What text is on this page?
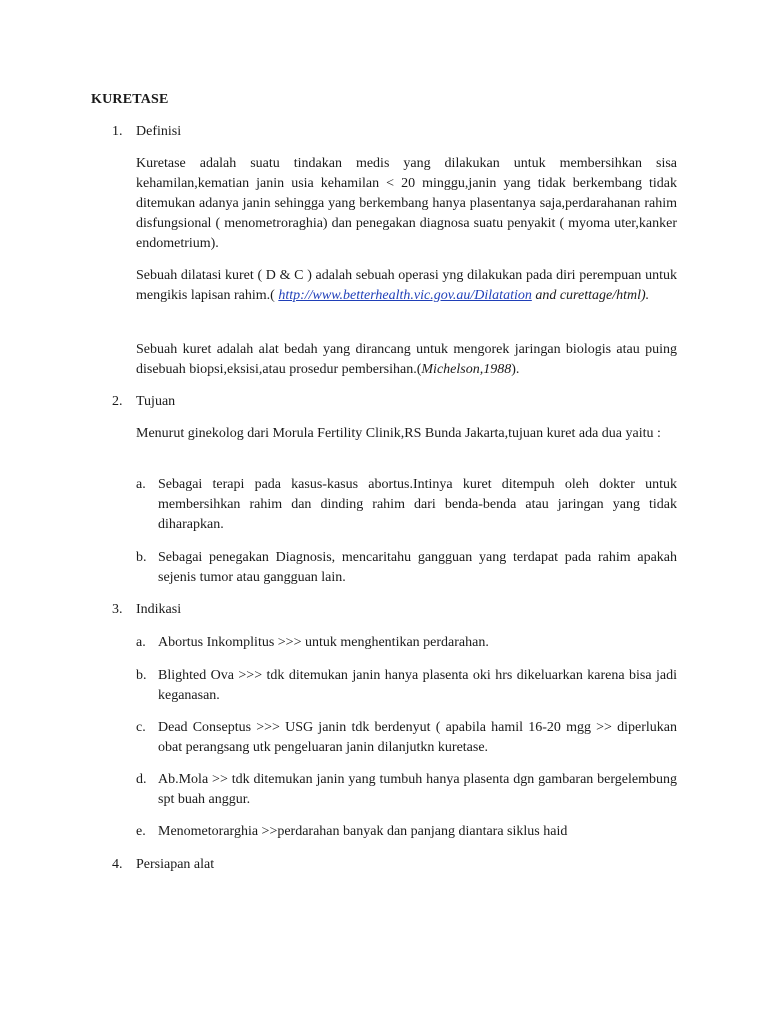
KURETASE
1. Definisi
Kuretase adalah suatu tindakan medis yang dilakukan untuk membersihkan sisa kehamilan,kematian janin usia kehamilan < 20 minggu,janin yang tidak berkembang tidak ditemukan adanya janin sehingga yang berkembang hanya plasentanya saja,perdarahanan rahim disfungsional ( menometroraghia) dan penegakan diagnosa suatu penyakit ( myoma uter,kanker endometrium).
Sebuah dilatasi kuret ( D & C ) adalah sebuah operasi yng dilakukan pada diri perempuan untuk mengikis lapisan rahim.( http://www.betterhealth.vic.gov.au/Dilatation and curettage/html).
Sebuah kuret adalah alat bedah yang dirancang untuk mengorek jaringan biologis atau puing disebuah biopsi,eksisi,atau prosedur pembersihan.(Michelson,1988).
2. Tujuan
Menurut ginekolog dari Morula Fertility Clinik,RS Bunda Jakarta,tujuan kuret ada dua yaitu :
a. Sebagai terapi pada kasus-kasus abortus.Intinya kuret ditempuh oleh dokter untuk membersihkan rahim dan dinding rahim dari benda-benda atau jaringan yang tidak diharapkan.
b. Sebagai penegakan Diagnosis, mencaritahu gangguan yang terdapat pada rahim apakah sejenis tumor atau gangguan lain.
3. Indikasi
a. Abortus Inkomplitus >>> untuk menghentikan perdarahan.
b. Blighted Ova >>> tdk ditemukan janin hanya plasenta oki hrs dikeluarkan karena bisa jadi keganasan.
c. Dead Conseptus >>> USG janin tdk berdenyut ( apabila hamil 16-20 mgg >> diperlukan obat perangsang utk pengeluaran janin dilanjutkn kuretase.
d. Ab.Mola >> tdk ditemukan janin yang tumbuh hanya plasenta dgn gambaran bergelembung spt buah anggur.
e. Menometorarghia >>perdarahan banyak dan panjang diantara siklus haid
4. Persiapan alat
